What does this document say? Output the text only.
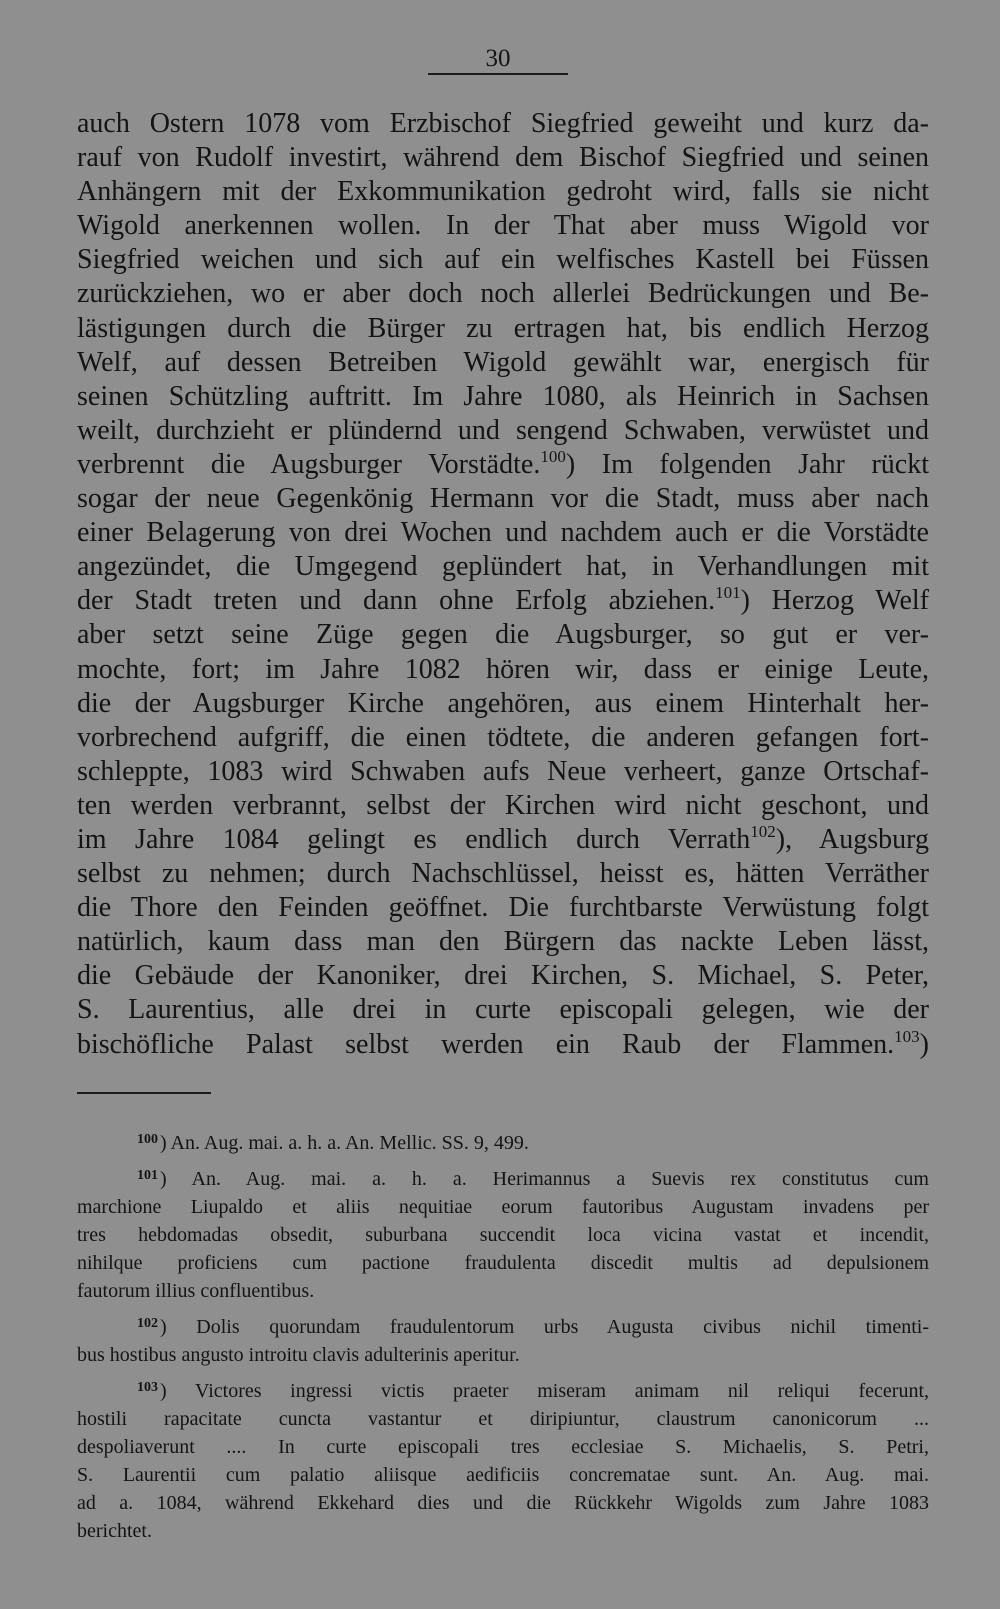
30
auch Ostern 1078 vom Erzbischof Siegfried geweiht und kurz da-
rauf von Rudolf investirt, während dem Bischof Siegfried und seinen
Anhängern mit der Exkommunikation gedroht wird, falls sie nicht
Wigold anerkennen wollen. In der That aber muss Wigold vor
Siegfried weichen und sich auf ein welfisches Kastell bei Füssen
zurückziehen, wo er aber doch noch allerlei Bedrückungen und Be-
lästigungen durch die Bürger zu ertragen hat, bis endlich Herzog
Welf, auf dessen Betreiben Wigold gewählt war, energisch für
seinen Schützling auftritt. Im Jahre 1080, als Heinrich in Sachsen
weilt, durchzieht er plündernd und sengend Schwaben, verwüstet und
verbrennt die Augsburger Vorstädte.$^{100}$) Im folgenden Jahr rückt
sogar der neue Gegenkönig Hermann vor die Stadt, muss aber nach
einer Belagerung von drei Wochen und nachdem auch er die Vorstädte
angezündet, die Umgegend geplündert hat, in Verhandlungen mit
der Stadt treten und dann ohne Erfolg abziehen.$^{101}$) Herzog Welf
aber setzt seine Züge gegen die Augsburger, so gut er ver-
mochte, fort; im Jahre 1082 hören wir, dass er einige Leute,
die der Augsburger Kirche angehören, aus einem Hinterhalt her-
vorbrechend aufgriff, die einen tödtete, die anderen gefangen fort-
schleppte, 1083 wird Schwaben aufs Neue verheert, ganze Ortschaf-
ten werden verbrannt, selbst der Kirchen wird nicht geschont, und
im Jahre 1084 gelingt es endlich durch Verrath$^{102}$), Augsburg
selbst zu nehmen; durch Nachschlüssel, heisst es, hätten Verräther
die Thore den Feinden geöffnet. Die furchtbarste Verwüstung folgt
natürlich, kaum dass man den Bürgern das nackte Leben lässt,
die Gebäude der Kanoniker, drei Kirchen, S. Michael, S. Peter,
S. Laurentius, alle drei in curte episcopali gelegen, wie der
bischöfliche Palast selbst werden ein Raub der Flammen.$^{103}$)
$^{100}$ ) An. Aug. mai. a. h. a. An. Mellic. SS. 9, 499.
$^{101}$ ) An. Aug. mai. a. h. a. Herimannus a Suevis rex constitutus cum
marchione Liupaldo et aliis nequitiae eorum fautoribus Augustam invadens per
tres hebdomadas obsedit, suburbana succendit loca vicina vastat et incendit,
nihilque proficiens cum pactione fraudulenta discedit multis ad depulsionem
fautorum illius confluentibus.
$^{102}$ ) Dolis quorundam fraudulentorum urbs Augusta civibus nichil timenti-
bus hostibus angusto introitu clavis adulterinis aperitur.
$^{103}$ ) Victores ingressi victis praeter miseram animam nil reliqui fecerunt,
hostili rapacitate cuncta vastantur et diripiuntur, claustrum canonicorum ...
despoliaverunt .... In curte episcopali tres ecclesiae S. Michaelis, S. Petri,
S. Laurentii cum palatio aliisque aedificiis concrematae sunt. An. Aug. mai.
ad a. 1084, während Ekkehard dies und die Rückkehr Wigolds zum Jahre 1083
berichtet.
